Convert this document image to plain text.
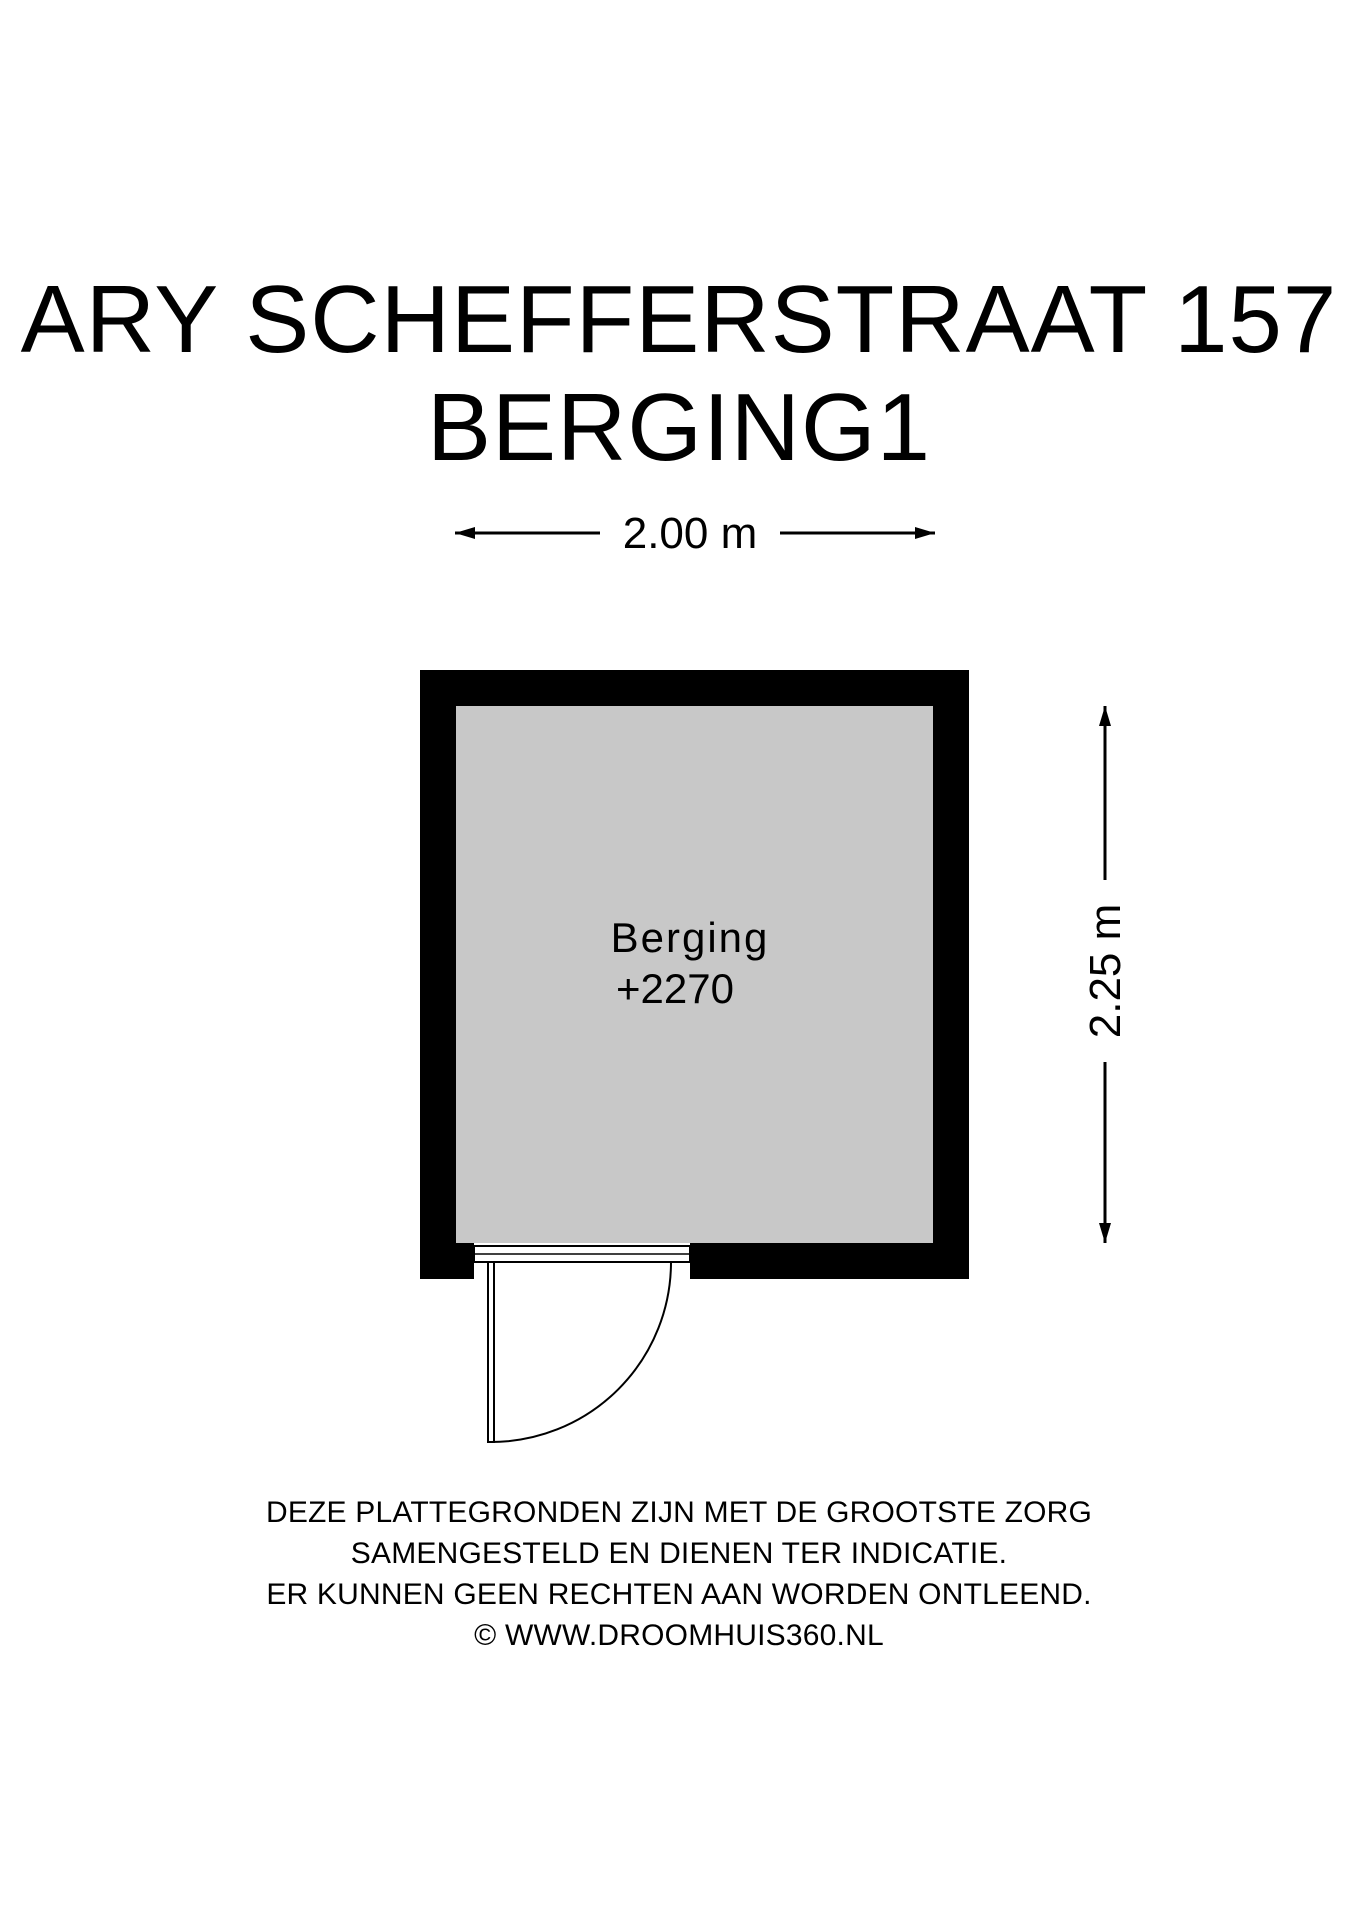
ARY SCHEFFERSTRAAT 157
BERGING1
2.00 m
Berging
+2270	2.25 m
DEZE PLATTEGRONDEN ZIJN MET DE GROOTSTE ZORG
SAMENGESTELD EN DIENEN TER INDICATIE.
ER KUNNEN GEEN RECHTEN AAN WORDEN ONTLEEND.
© WWW.DROOMHUIS360.NL
